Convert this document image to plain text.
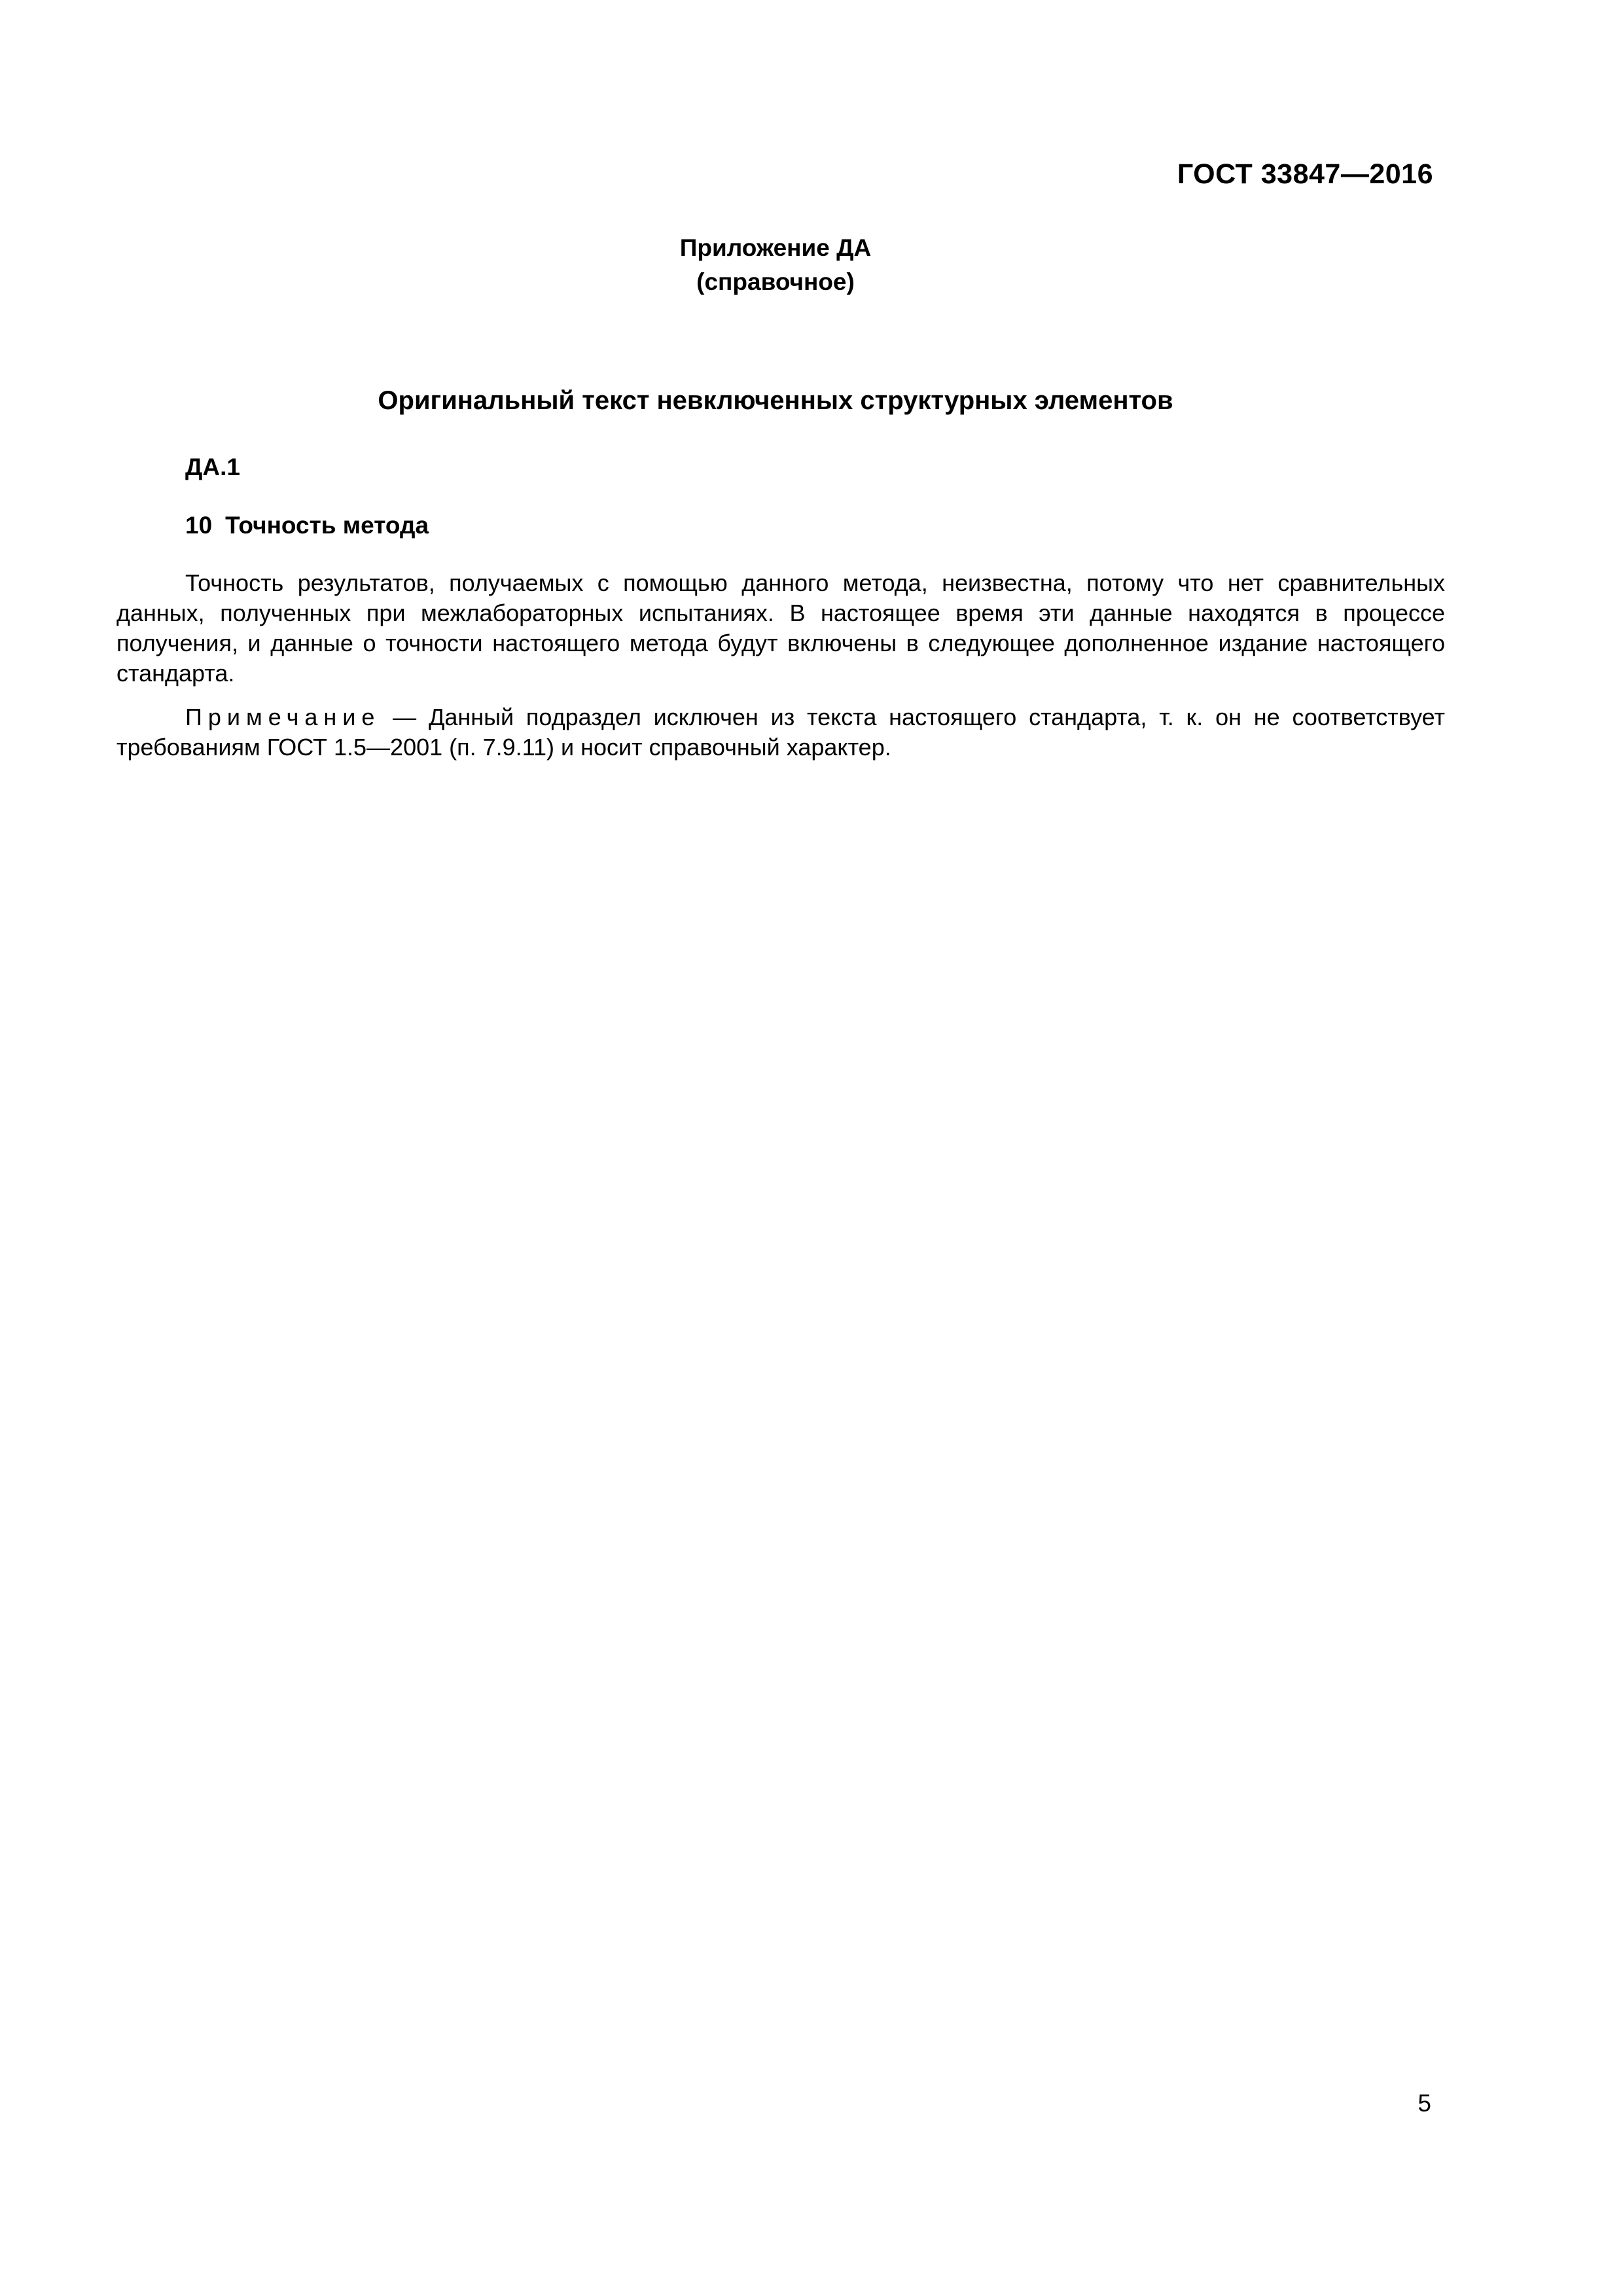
ГОСТ 33847—2016
Приложение ДА
(справочное)
Оригинальный текст невключенных структурных элементов
ДА.1
10 Точность метода
Точность результатов, получаемых с помощью данного метода, неизвестна, потому что нет сравнительных данных, полученных при межлабораторных испытаниях. В настоящее время эти данные находятся в процессе получения, и данные о точности настоящего метода будут включены в следующее дополненное издание настоящего стандарта.
Примечание — Данный подраздел исключен из текста настоящего стандарта, т. к. он не соответствует требованиям ГОСТ 1.5—2001 (п. 7.9.11) и носит справочный характер.
5
